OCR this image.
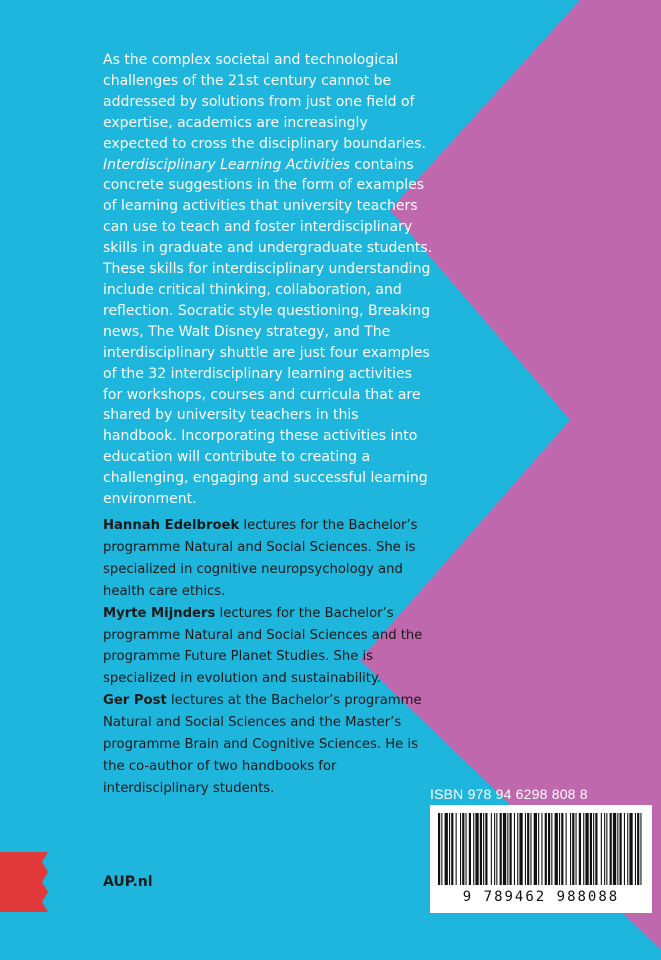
As the complex societal and technological challenges of the 21st century cannot be addressed by solutions from just one field of expertise, academics are increasingly expected to cross the disciplinary boundaries. Interdisciplinary Learning Activities contains concrete suggestions in the form of examples of learning activities that university teachers can use to teach and foster interdisciplinary skills in graduate and undergraduate students. These skills for interdisciplinary understanding include critical thinking, collaboration, and reflection. Socratic style questioning, Breaking news, The Walt Disney strategy, and The interdisciplinary shuttle are just four examples of the 32 interdisciplinary learning activities for workshops, courses and curricula that are shared by university teachers in this handbook. Incorporating these activities into education will contribute to creating a challenging, engaging and successful learning environment.

Hannah Edelbroek lectures for the Bachelor’s programme Natural and Social Sciences. She is specialized in cognitive neuropsychology and health care ethics.

Myrte Mijnders lectures for the Bachelor’s programme Natural and Social Sciences and the programme Future Planet Studies. She is specialized in evolution and sustainability.

Ger Post lectures at the Bachelor’s programme Natural and Social Sciences and the Master’s programme Brain and Cognitive Sciences. He is the co-author of two handbooks for interdisciplinary students.

AUP.nl
ISBN 978 94 6298 808 8
9 789462 988088
